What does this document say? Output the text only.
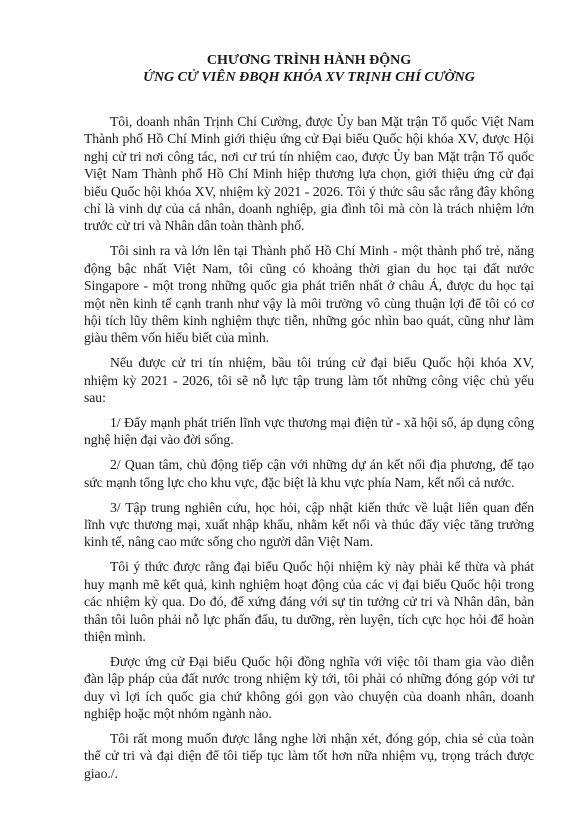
CHƯƠNG TRÌNH HÀNH ĐỘNG
ỨNG CỬ VIÊN ĐBQH KHÓA XV TRỊNH CHÍ CƯỜNG

Tôi, doanh nhân Trịnh Chí Cường, được Ủy ban Mặt trận Tổ quốc Việt Nam Thành phố Hồ Chí Minh giới thiệu ứng cử Đại biểu Quốc hội khóa XV, được Hội nghị cử tri nơi công tác, nơi cư trú tín nhiệm cao, được Ủy ban Mặt trận Tổ quốc Việt Nam Thành phố Hồ Chí Minh hiệp thương lựa chọn, giới thiệu ứng cử đại biểu Quốc hội khóa XV, nhiệm kỳ 2021 - 2026. Tôi ý thức sâu sắc rằng đây không chỉ là vinh dự của cá nhân, doanh nghiệp, gia đình tôi mà còn là trách nhiệm lớn trước cử tri và Nhân dân toàn thành phố.

Tôi sinh ra và lớn lên tại Thành phố Hồ Chí Minh - một thành phố trẻ, năng động bậc nhất Việt Nam, tôi cũng có khoảng thời gian du học tại đất nước Singapore - một trong những quốc gia phát triển nhất ở châu Á, được du học tại một nền kinh tế cạnh tranh như vậy là môi trường vô cùng thuận lợi để tôi có cơ hội tích lũy thêm kinh nghiệm thực tiễn, những góc nhìn bao quát, cũng như làm giàu thêm vốn hiểu biết của mình.

Nếu được cử tri tín nhiệm, bầu tôi trúng cử đại biểu Quốc hội khóa XV, nhiệm kỳ 2021 - 2026, tôi sẽ nỗ lực tập trung làm tốt những công việc chủ yếu sau:

1/ Đẩy mạnh phát triển lĩnh vực thương mại điện tử - xã hội số, áp dụng công nghệ hiện đại vào đời sống.

2/ Quan tâm, chủ động tiếp cận với những dự án kết nối địa phương, để tạo sức mạnh tổng lực cho khu vực, đặc biệt là khu vực phía Nam, kết nối cả nước.

3/ Tập trung nghiên cứu, học hỏi, cập nhật kiến thức về luật liên quan đến lĩnh vực thương mại, xuất nhập khẩu, nhằm kết nối và thúc đẩy việc tăng trưởng kinh tế, nâng cao mức sống cho người dân Việt Nam.

Tôi ý thức được rằng đại biểu Quốc hội nhiệm kỳ này phải kế thừa và phát huy mạnh mẽ kết quả, kinh nghiệm hoạt động của các vị đại biểu Quốc hội trong các nhiệm kỳ qua. Do đó, để xứng đáng với sự tin tưởng cử tri và Nhân dân, bản thân tôi luôn phải nỗ lực phấn đấu, tu dưỡng, rèn luyện, tích cực học hỏi để hoàn thiện mình.

Được ứng cử Đại biểu Quốc hội đồng nghĩa với việc tôi tham gia vào diễn đàn lập pháp của đất nước trong nhiệm kỳ tới, tôi phải có những đóng góp với tư duy vì lợi ích quốc gia chứ không gói gọn vào chuyện của doanh nhân, doanh nghiệp hoặc một nhóm ngành nào.

Tôi rất mong muốn được lắng nghe lời nhận xét, đóng góp, chia sẻ của toàn thể cử tri và đại diện để tôi tiếp tục làm tốt hơn nữa nhiệm vụ, trọng trách được giao./.
